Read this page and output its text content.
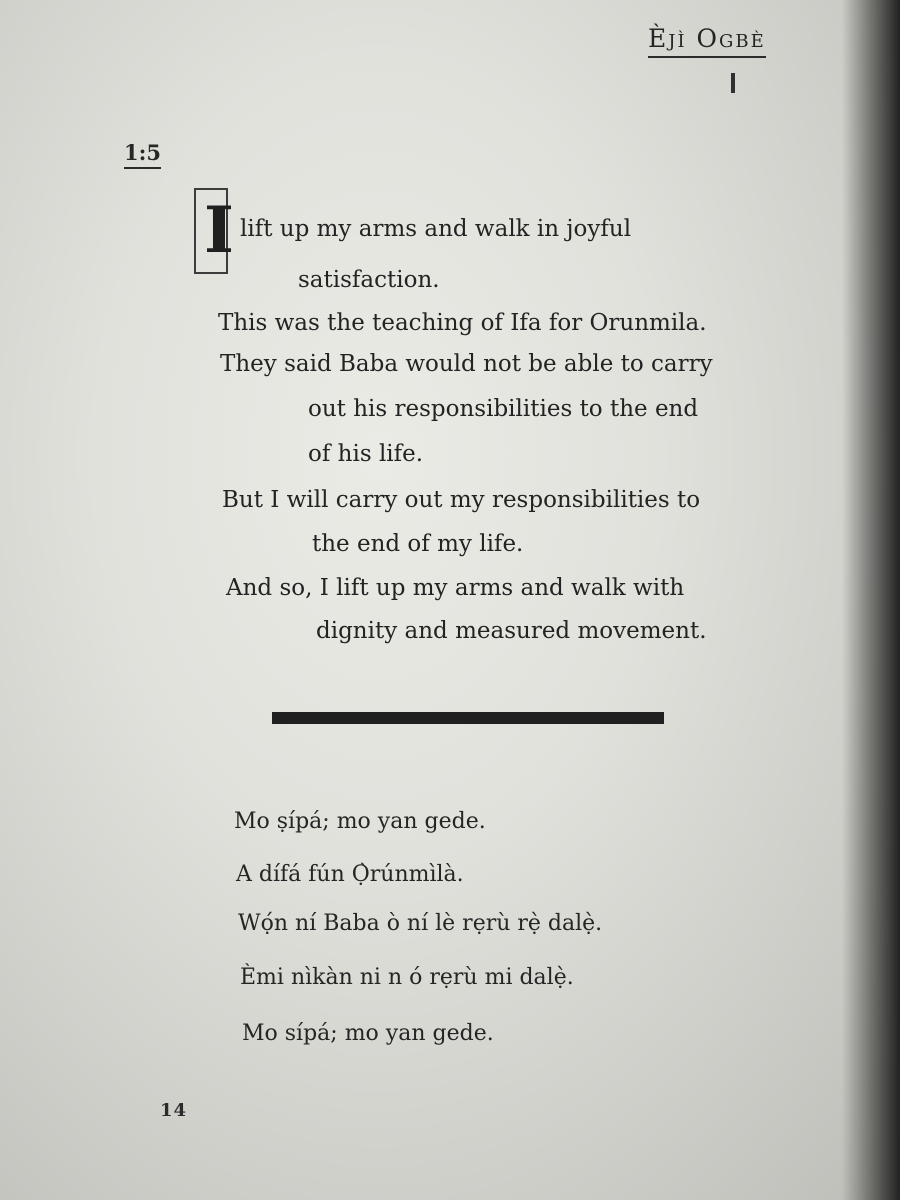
Èjì Ogbè
1:5
I lift up my arms and walk in joyful
satisfaction.
This was the teaching of Ifa for Orunmila.
They said Baba would not be able to carry
out his responsibilities to the end
of his life.
But I will carry out my responsibilities to
the end of my life.
And so, I lift up my arms and walk with
dignity and measured movement.
Mo ṣípá; mo yan gede.
A dífá fún Ọ̀rúnmìlà.
Wọ́n ní Baba ò ní lè rẹrù rẹ̀ dalẹ̀.
Èmi nìkàn ni n ó rẹrù mi dalẹ̀.
Mo sípá; mo yan gede.
14
